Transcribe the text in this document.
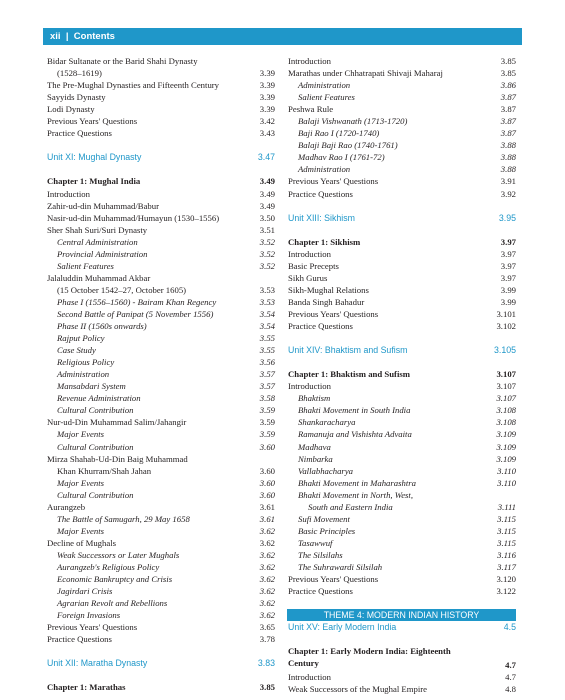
xii | Contents
Bidar Sultanate or the Barid Shahi Dynasty
(1528–1619)	3.39
The Pre-Mughal Dynasties and Fifteenth Century	3.39
Sayyids Dynasty	3.39
Lodi Dynasty	3.39
Previous Years' Questions	3.42
Practice Questions	3.43
Unit XI: Mughal Dynasty	3.47
Chapter 1: Mughal India	3.49
Introduction	3.49
Zahir-ud-din Muhammad/Babur	3.49
Nasir-ud-din Muhammad/Humayun (1530–1556)	3.50
Sher Shah Suri/Suri Dynasty	3.51
Central Administration	3.52
Provincial Administration	3.52
Salient Features	3.52
Jalaluddin Muhammad Akbar
(15 October 1542–27, October 1605)	3.53
Phase I (1556–1560) - Bairam Khan Regency	3.53
Second Battle of Panipat (5 November 1556)	3.54
Phase II (1560s onwards)	3.54
Rajput Policy	3.55
Case Study	3.55
Religious Policy	3.56
Administration	3.57
Mansabdari System	3.57
Revenue Administration	3.58
Cultural Contribution	3.59
Nur-ud-Din Muhammad Salim/Jahangir	3.59
Major Events	3.59
Cultural Contribution	3.60
Mirza Shahab-Ud-Din Baig Muhammad
Khan Khurram/Shah Jahan	3.60
Major Events	3.60
Cultural Contribution	3.60
Aurangzeb	3.61
The Battle of Samugarh, 29 May 1658	3.61
Major Events	3.62
Decline of Mughals	3.62
Weak Successors or Later Mughals	3.62
Aurangzeb's Religious Policy	3.62
Economic Bankruptcy and Crisis	3.62
Jagirdari Crisis	3.62
Agrarian Revolt and Rebellions	3.62
Foreign Invasions	3.62
Previous Years' Questions	3.65
Practice Questions	3.78
Unit XII: Maratha Dynasty	3.83
Chapter 1: Marathas	3.85
Introduction	3.85
Marathas under Chhatrapati Shivaji Maharaj	3.85
Administration	3.86
Salient Features	3.87
Peshwa Rule	3.87
Balaji Vishwanath (1713-1720)	3.87
Baji Rao I (1720-1740)	3.87
Balaji Baji Rao (1740-1761)	3.88
Madhav Rao I (1761-72)	3.88
Administration	3.88
Previous Years' Questions	3.91
Practice Questions	3.92
Unit XIII: Sikhism	3.95
Chapter 1: Sikhism	3.97
Introduction	3.97
Basic Precepts	3.97
Sikh Gurus	3.97
Sikh-Mughal Relations	3.99
Banda Singh Bahadur	3.99
Previous Years' Questions	3.101
Practice Questions	3.102
Unit XIV: Bhaktism and Sufism	3.105
Chapter 1: Bhaktism and Sufism	3.107
Introduction	3.107
Bhaktism	3.107
Bhakti Movement in South India	3.108
Shankaracharya	3.108
Ramanuja and Vishishta Advaita	3.109
Madhava	3.109
Nimbarka	3.109
Vallabhacharya	3.110
Bhakti Movement in Maharashtra	3.110
Bhakti Movement in North, West,
South and Eastern India	3.111
Sufi Movement	3.115
Basic Principles	3.115
Tasawwuf	3.115
The Silsilahs	3.116
The Suhrawardi Silsilah	3.117
Previous Years' Questions	3.120
Practice Questions	3.122
THEME 4: MODERN INDIAN HISTORY
Unit XV: Early Modern India	4.5
Chapter 1: Early Modern India: Eighteenth Century	4.7
Introduction	4.7
Weak Successors of the Mughal Empire	4.8
